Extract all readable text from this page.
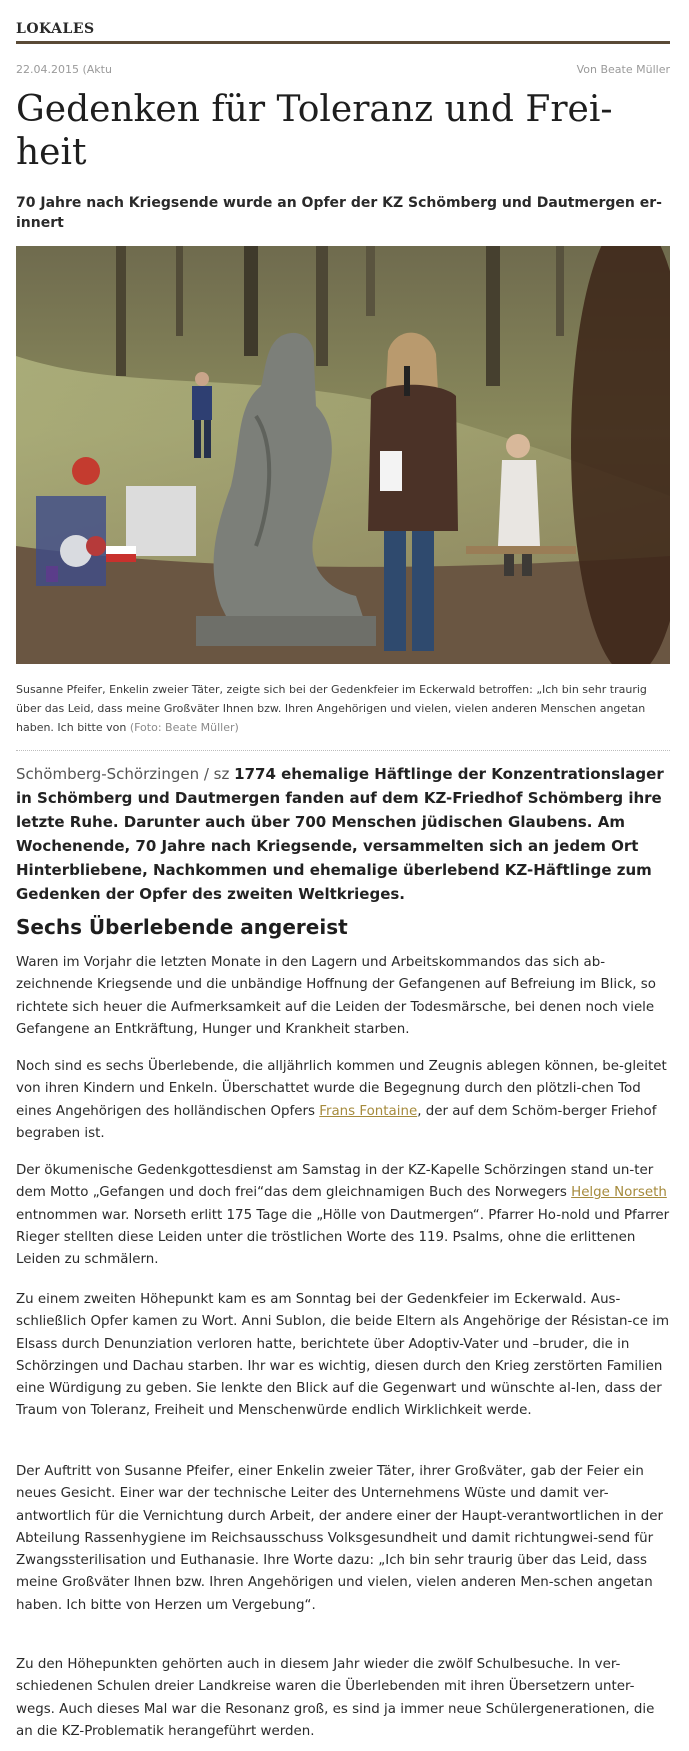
LOKALES
22.04.2015 (Aktu	Von Beate Müller
Gedenken für Toleranz und Frei-
heit

70 Jahre nach Kriegsende wurde an Opfer der KZ Schömberg und Dautmergen er-innert

Susanne Pfeifer, Enkelin zweier Täter, zeigte sich bei der Gedenkfeier im Eckerwald betroffen: „Ich bin sehr traurig über das Leid, dass meine Großväter Ihnen bzw. Ihren Angehörigen und vielen, vielen anderen Menschen angetan haben. Ich bitte von (Foto: Beate Müller)

Schömberg-Schörzingen / sz 1774 ehemalige Häftlinge der Konzentrationslager in Schömberg und Dautmergen fanden auf dem KZ-Friedhof Schömberg ihre letzte Ruhe. Darunter auch über 700 Menschen jüdischen Glaubens. Am Wochenende, 70 Jahre nach Kriegsende, versammelten sich an jedem Ort Hinterbliebene, Nachkommen und ehemalige überlebend KZ-Häftlinge zum Gedenken der Opfer des zweiten Weltkrieges.

Sechs Überlebende angereist

Waren im Vorjahr die letzten Monate in den Lagern und Arbeitskommandos das sich ab-zeichnende Kriegsende und die unbändige Hoffnung der Gefangenen auf Befreiung im Blick, so richtete sich heuer die Aufmerksamkeit auf die Leiden der Todesmärsche, bei denen noch viele Gefangene an Entkräftung, Hunger und Krankheit starben.

Noch sind es sechs Überlebende, die alljährlich kommen und Zeugnis ablegen können, be-gleitet von ihren Kindern und Enkeln. Überschattet wurde die Begegnung durch den plötzli-chen Tod eines Angehörigen des holländischen Opfers Frans Fontaine, der auf dem Schöm-berger Friehof begraben ist.

Der ökumenische Gedenkgottesdienst am Samstag in der KZ-Kapelle Schörzingen stand un-ter dem Motto „Gefangen und doch frei“das dem gleichnamigen Buch des Norwegers Helge Norseth entnommen war. Norseth erlitt 175 Tage die „Hölle von Dautmergen“. Pfarrer Ho-nold und Pfarrer Rieger stellten diese Leiden unter die tröstlichen Worte des 119. Psalms, ohne die erlittenen Leiden zu schmälern.

Zu einem zweiten Höhepunkt kam es am Sonntag bei der Gedenkfeier im Eckerwald. Aus-schließlich Opfer kamen zu Wort. Anni Sublon, die beide Eltern als Angehörige der Résistan-ce im Elsass durch Denunziation verloren hatte, berichtete über Adoptiv-Vater und –bruder, die in Schörzingen und Dachau starben. Ihr war es wichtig, diesen durch den Krieg zerstörten Familien eine Würdigung zu geben. Sie lenkte den Blick auf die Gegenwart und wünschte al-len, dass der Traum von Toleranz, Freiheit und Menschenwürde endlich Wirklichkeit werde.

Der Auftritt von Susanne Pfeifer, einer Enkelin zweier Täter, ihrer Großväter, gab der Feier ein neues Gesicht. Einer war der technische Leiter des Unternehmens Wüste und damit ver-antwortlich für die Vernichtung durch Arbeit, der andere einer der Haupt-verantwortlichen in der Abteilung Rassenhygiene im Reichsausschuss Volksgesundheit und damit richtungwei-send für Zwangssterilisation und Euthanasie. Ihre Worte dazu: „Ich bin sehr traurig über das Leid, dass meine Großväter Ihnen bzw. Ihren Angehörigen und vielen, vielen anderen Men-schen angetan haben. Ich bitte von Herzen um Vergebung“.

Zu den Höhepunkten gehörten auch in diesem Jahr wieder die zwölf Schulbesuche. In ver-schiedenen Schulen dreier Landkreise waren die Überlebenden mit ihren Übersetzern unter-wegs. Auch dieses Mal war die Resonanz groß, es sind ja immer neue Schülergenerationen, die an die KZ-Problematik herangeführt werden.
